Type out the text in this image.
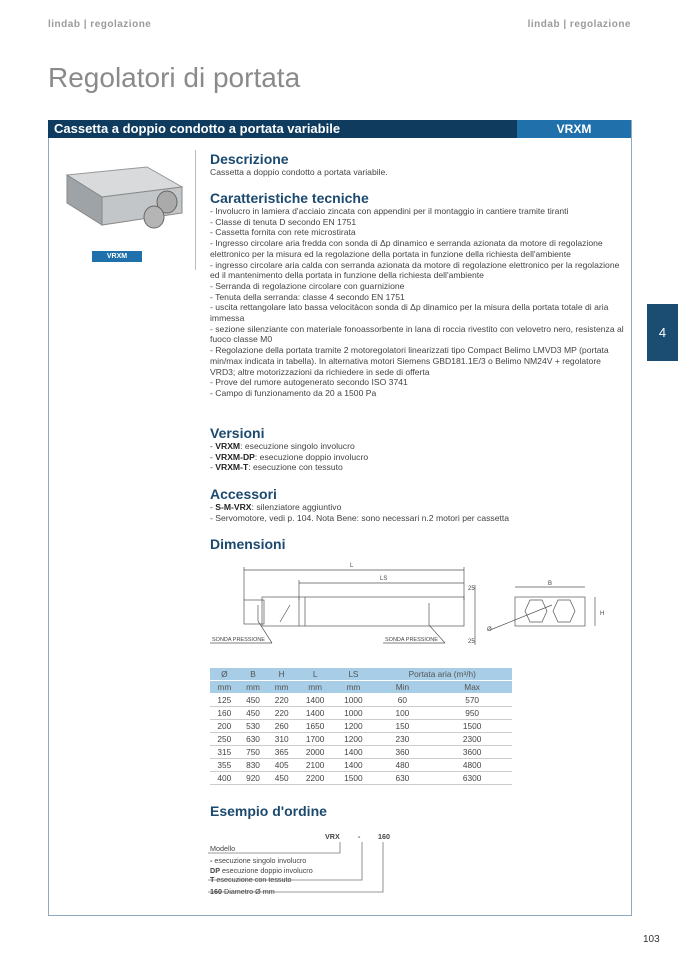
lindab | regolazione	lindab | regolazione
Regolatori di portata
Cassetta a doppio condotto a portata variabile	VRXM
VRXM
4
Descrizione
Cassetta a doppio condotto a portata variabile.
Caratteristiche tecniche
- Involucro in lamiera d'acciaio zincata con appendini per il montaggio in cantiere tramite tiranti
- Classe di tenuta D secondo EN 1751
- Cassetta fornita con rete microstirata
- Ingresso circolare aria fredda con sonda di Δp dinamico e serranda azionata da motore di regolazione elettronico per la misura ed la regolazione della portata in funzione della richiesta dell'ambiente
- ingresso circolare aria calda con serranda azionata da motore di regolazione elettronico per la regolazione ed il mantenimento della portata in funzione della richiesta dell'ambiente
- Serranda di regolazione circolare con guarnizione
- Tenuta della serranda: classe 4 secondo EN 1751
- uscita rettangolare lato bassa velocitàcon sonda di Δp dinamico per la misura della portata totale di aria immessa
- sezione silenziante con materiale fonoassorbente in lana di roccia rivestito con velovetro nero, resistenza al fuoco classe M0
- Regolazione della portata tramite 2 motoregolatori linearizzati tipo Compact Belimo LMVD3 MP (portata min/max indicata in tabella). In alternativa motori Siemens GBD181.1E/3 o Belimo NM24V + regolatore VRD3; altre motorizzazioni da richiedere in sede di offerta
- Prove del rumore autogenerato secondo ISO 3741
- Campo di funzionamento da 20 a 1500 Pa
Versioni
- VRXM: esecuzione singolo involucro
- VRXM-DP: esecuzione doppio involucro
- VRXM-T: esecuzione con tessuto
Accessori
- S-M-VRX: silenziatore aggiuntivo
- Servomotore, vedi p. 104. Nota Bene: sono necessari n.2 motori per cassetta
Dimensioni
L
LS
B
H
Ø
25
25
SONDA PRESSIONE	SONDA PRESSIONE
Ø	B	H	L	LS	Portata aria (m³/h)	
mm	mm	mm	mm	mm	Min	Max
125	450	220	1400	1000	60	570
160	450	220	1400	1000	100	950
200	530	260	1650	1200	150	1500
250	630	310	1700	1200	230	2300
315	750	365	2000	1400	360	3600
355	830	405	2100	1400	480	4800
400	920	450	2200	1500	630	6300
Esempio d'ordine
VRX	- 160
Modello
- esecuzione singolo involucro
DP esecuzione doppio involucro
T esecuzione con tessuto
160 Diametro Ø mm
103
